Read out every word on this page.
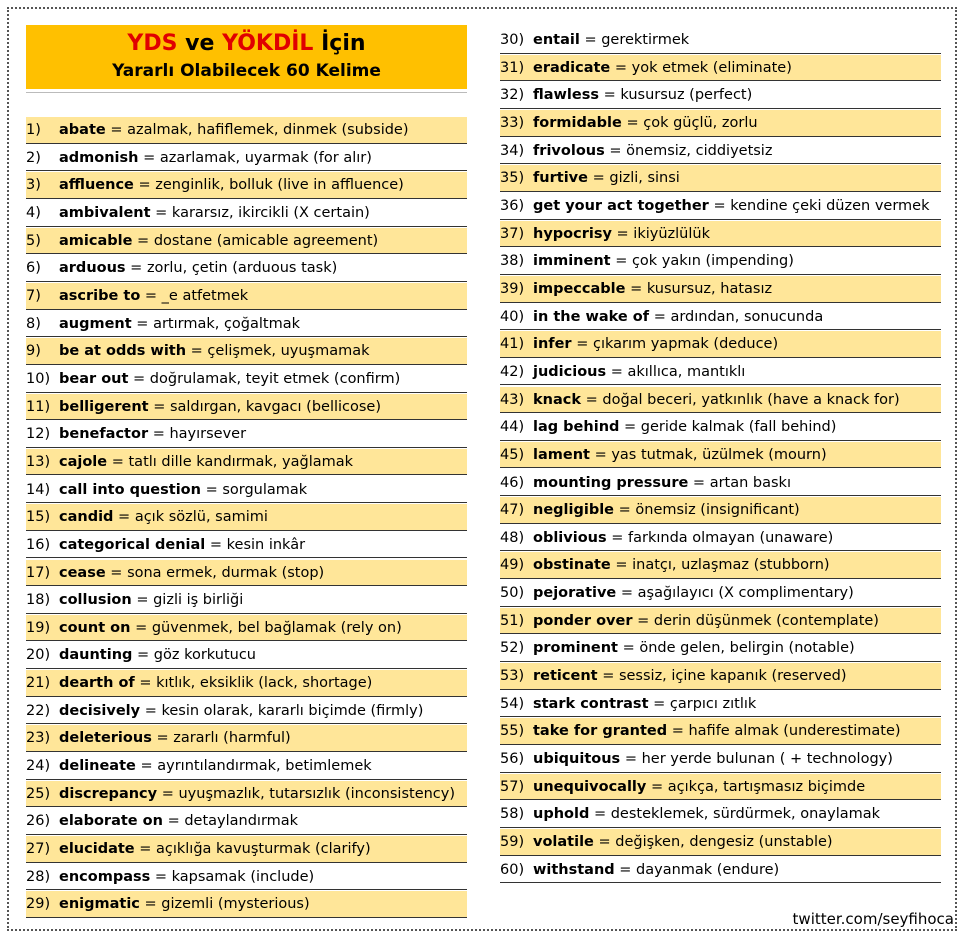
YDS ve YÖKDİL İçin
Yararlı Olabilecek 60 Kelime
1) abate = azalmak, hafiflemek, dinmek (subside)
2) admonish = azarlamak, uyarmak (for alır)
3) affluence = zenginlik, bolluk (live in affluence)
4) ambivalent = kararsız, ikircikli (X certain)
5) amicable = dostane (amicable agreement)
6) arduous = zorlu, çetin (arduous task)
7) ascribe to = _e atfetmek
8) augment = artırmak, çoğaltmak
9) be at odds with = çelişmek, uyuşmamak
10) bear out = doğrulamak, teyit etmek (confirm)
11) belligerent = saldırgan, kavgacı (bellicose)
12) benefactor = hayırsever
13) cajole = tatlı dille kandırmak, yağlamak
14) call into question = sorgulamak
15) candid = açık sözlü, samimi
16) categorical denial = kesin inkâr
17) cease = sona ermek, durmak (stop)
18) collusion = gizli iş birliği
19) count on = güvenmek, bel bağlamak (rely on)
20) daunting = göz korkutucu
21) dearth of = kıtlık, eksiklik (lack, shortage)
22) decisively = kesin olarak, kararlı biçimde (firmly)
23) deleterious = zararlı (harmful)
24) delineate = ayrıntılandırmak, betimlemek
25) discrepancy = uyuşmazlık, tutarsızlık (inconsistency)
26) elaborate on = detaylandırmak
27) elucidate = açıklığa kavuşturmak (clarify)
28) encompass = kapsamak (include)
29) enigmatic = gizemli (mysterious)
30) entail = gerektirmek
31) eradicate = yok etmek (eliminate)
32) flawless = kusursuz (perfect)
33) formidable = çok güçlü, zorlu
34) frivolous = önemsiz, ciddiyetsiz
35) furtive = gizli, sinsi
36) get your act together = kendine çeki düzen vermek
37) hypocrisy = ikiyüzlülük
38) imminent = çok yakın (impending)
39) impeccable = kusursuz, hatasız
40) in the wake of = ardından, sonucunda
41) infer = çıkarım yapmak (deduce)
42) judicious = akıllıca, mantıklı
43) knack = doğal beceri, yatkınlık (have a knack for)
44) lag behind = geride kalmak (fall behind)
45) lament = yas tutmak, üzülmek (mourn)
46) mounting pressure = artan baskı
47) negligible = önemsiz (insignificant)
48) oblivious = farkında olmayan (unaware)
49) obstinate = inatçı, uzlaşmaz (stubborn)
50) pejorative = aşağılayıcı (X complimentary)
51) ponder over = derin düşünmek (contemplate)
52) prominent = önde gelen, belirgin (notable)
53) reticent = sessiz, içine kapanık (reserved)
54) stark contrast = çarpıcı zıtlık
55) take for granted = hafife almak (underestimate)
56) ubiquitous = her yerde bulunan ( + technology)
57) unequivocally = açıkça, tartışmasız biçimde
58) uphold = desteklemek, sürdürmek, onaylamak
59) volatile = değişken, dengesiz (unstable)
60) withstand = dayanmak (endure)
twitter.com/seyfihoca
